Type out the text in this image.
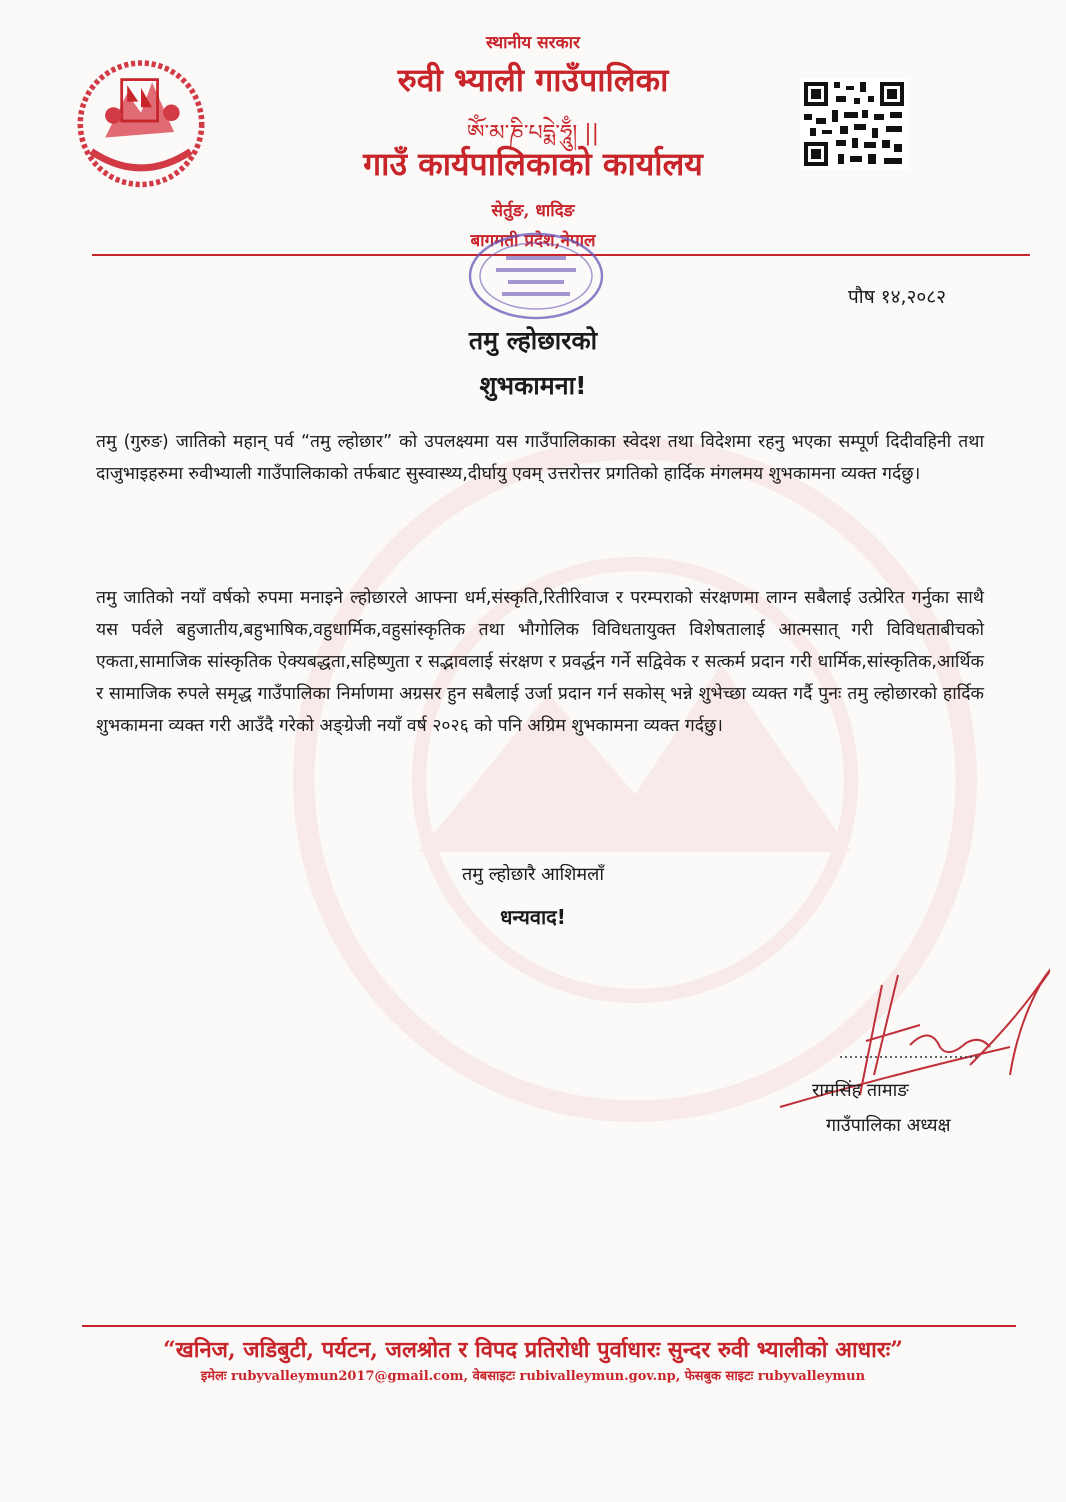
स्थानीय सरकार
रुवी भ्याली गाउँपालिका
ཨོཾ་མ་ཎི་པདྨེ་ཧཱུྃ། ||
गाउँ कार्यपालिकाको कार्यालय
सेर्तुङ, धादिङ
बागमती प्रदेश,नेपाल
पौष १४,२०८२
तमु ल्होछारको
शुभकामना!
तमु (गुरुङ) जातिको महान् पर्व “तमु ल्होछार” को उपलक्ष्यमा यस गाउँपालिकाका स्वेदश तथा विदेशमा रहनु भएका सम्पूर्ण दिदीवहिनी तथा दाजुभाइहरुमा रुवीभ्याली गाउँपालिकाको तर्फबाट सुस्वास्थ्य,दीर्घायु एवम् उत्तरोत्तर प्रगतिको हार्दिक मंगलमय शुभकामना व्यक्त गर्दछु।
तमु जातिको नयाँ वर्षको रुपमा मनाइने ल्होछारले आफ्ना धर्म,संस्कृति,रितीरिवाज र परम्पराको संरक्षणमा लाग्न सबैलाई उत्प्रेरित गर्नुका साथै यस पर्वले बहुजातीय,बहुभाषिक,वहुधार्मिक,वहुसांस्कृतिक तथा भौगोलिक विविधतायुक्त विशेषतालाई आत्मसात् गरी विविधताबीचको एकता,सामाजिक सांस्कृतिक ऐक्यबद्धता,सहिष्णुता र सद्भावलाई संरक्षण र प्रवर्द्धन गर्ने सद्विवेक र सत्कर्म प्रदान गरी धार्मिक,सांस्कृतिक,आर्थिक र सामाजिक रुपले समृद्ध गाउँपालिका निर्माणमा अग्रसर हुन सबैलाई उर्जा प्रदान गर्न सकोस् भन्ने शुभेच्छा व्यक्त गर्दै पुनः तमु ल्होछारको हार्दिक शुभकामना व्यक्त गरी आउँदै गरेको अङ्ग्रेजी नयाँ वर्ष २०२६ को पनि अग्रिम शुभकामना व्यक्त गर्दछु।
तमु ल्होछारै आशिमलाँ
धन्यवाद!
रामसिंह तामाङ
गाउँपालिका अध्यक्ष
“खनिज, जडिबुटी, पर्यटन, जलश्रोत र विपद प्रतिरोधी पुर्वाधारः सुन्दर रुवी भ्यालीको आधारः”
इमेलः rubyvalleymun2017@gmail.com, वेबसाइटः rubivalleymun.gov.np, फेसबुक साइटः rubyvalleymun
